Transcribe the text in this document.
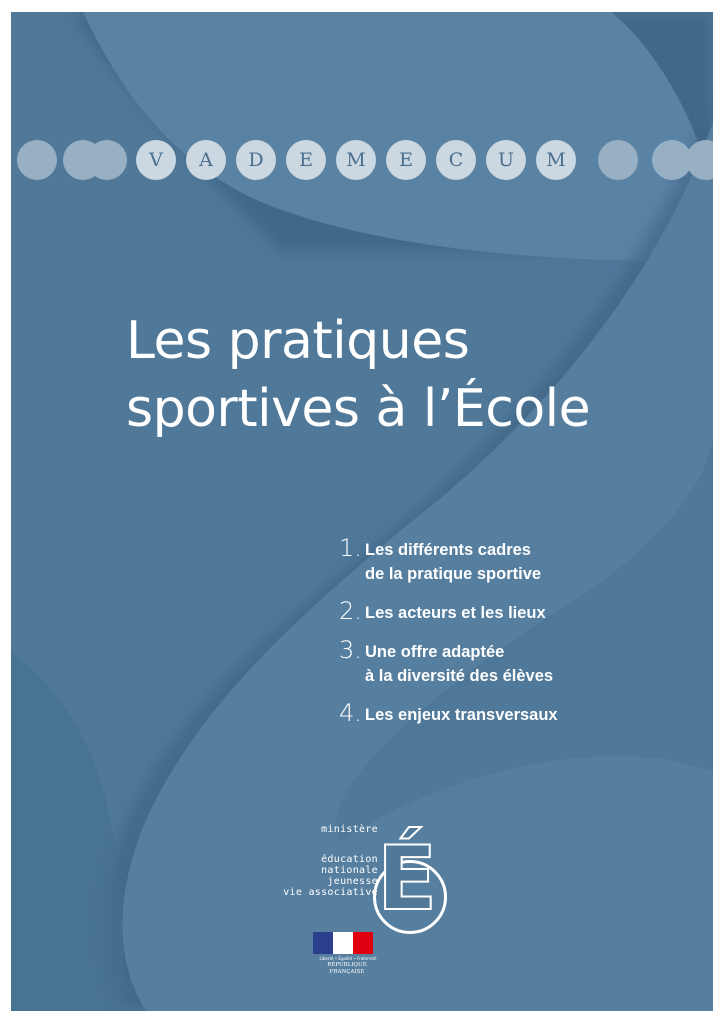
V	A	D	E	M	E	C	U	M
Les pratiques
sportives à l’École
1. Les différents cadres
de la pratique sportive
2. Les acteurs et les lieux
3. Une offre adaptée
à la diversité des élèves
4. Les enjeux transversaux
ministère É
éducation
nationale
jeunesse
vie associative
Liberté • Égalité • Fraternité
RÉPUBLIQUE FRANÇAISE
